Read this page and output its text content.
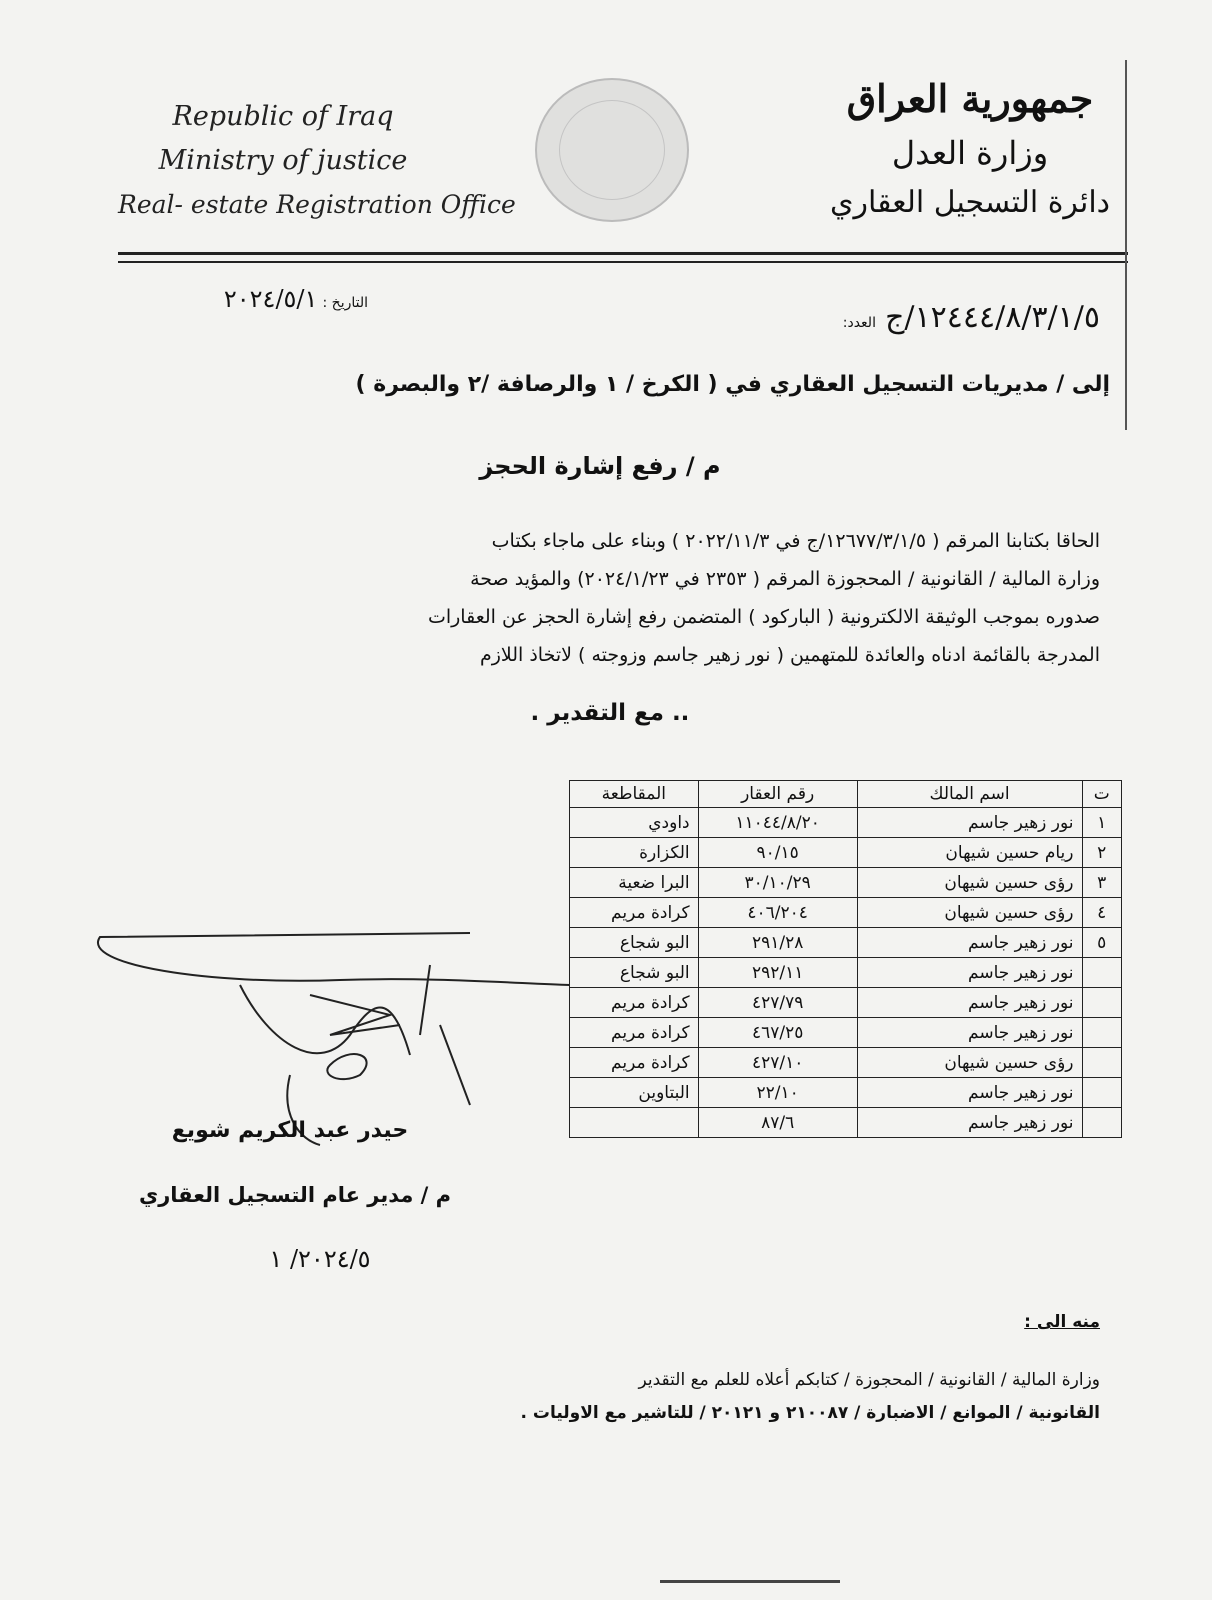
Republic of Iraq
Ministry of justice
Real- estate Registration Office
جمهورية العراق
وزارة العدل
دائرة التسجيل العقاري
١٢٤٤٤/٨/٣/١/٥/ج العدد:
التاريخ : ٢٠٢٤/٥/١
إلى / مديريات التسجيل العقاري في ( الكرخ / ١ والرصافة /٢ والبصرة )
م / رفع إشارة الحجز
الحاقا بكتابنا المرقم ( ١٢٦٧٧/٣/١/٥/ج في ٢٠٢٢/١١/٣ ) وبناء على ماجاء بكتاب
وزارة المالية / القانونية / المحجوزة المرقم ( ٢٣٥٣ في ٢٠٢٤/١/٢٣) والمؤيد صحة
صدوره بموجب الوثيقة الالكترونية ( الباركود ) المتضمن رفع إشارة الحجز عن العقارات
المدرجة بالقائمة ادناه والعائدة للمتهمين ( نور زهير جاسم وزوجته ) لاتخاذ اللازم
.. مع التقدير .
ت	اسم المالك	رقم العقار	المقاطعة
١	نور زهير جاسم	١١٠٤٤/٨/٢٠	داودي
٢	ريام حسين شيهان	٩٠/١٥	الكزارة
٣	رؤى حسين شيهان	٣٠/١٠/٢٩	البرا ضعية
٤	رؤى حسين شيهان	٤٠٦/٢٠٤	كرادة مريم
٥	نور زهير جاسم	٢٩١/٢٨	البو شجاع
	نور زهير جاسم	٢٩٢/١١	البو شجاع
	نور زهير جاسم	٤٢٧/٧٩	كرادة مريم
	نور زهير جاسم	٤٦٧/٢٥	كرادة مريم
	رؤى حسين شيهان	٤٢٧/١٠	كرادة مريم
	نور زهير جاسم	٢٢/١٠	البتاوين
	نور زهير جاسم	٨٧/٦	
حيدر عبد الكريم شويع
م / مدير عام التسجيل العقاري
٢٠٢٤/٥/ ١
منه الى :
وزارة المالية / القانونية / المحجوزة / كتابكم أعلاه للعلم مع التقدير
القانونية / الموانع / الاضبارة / ٢١٠٠٨٧ و ٢٠١٢١ / للتاشير مع الاوليات .
